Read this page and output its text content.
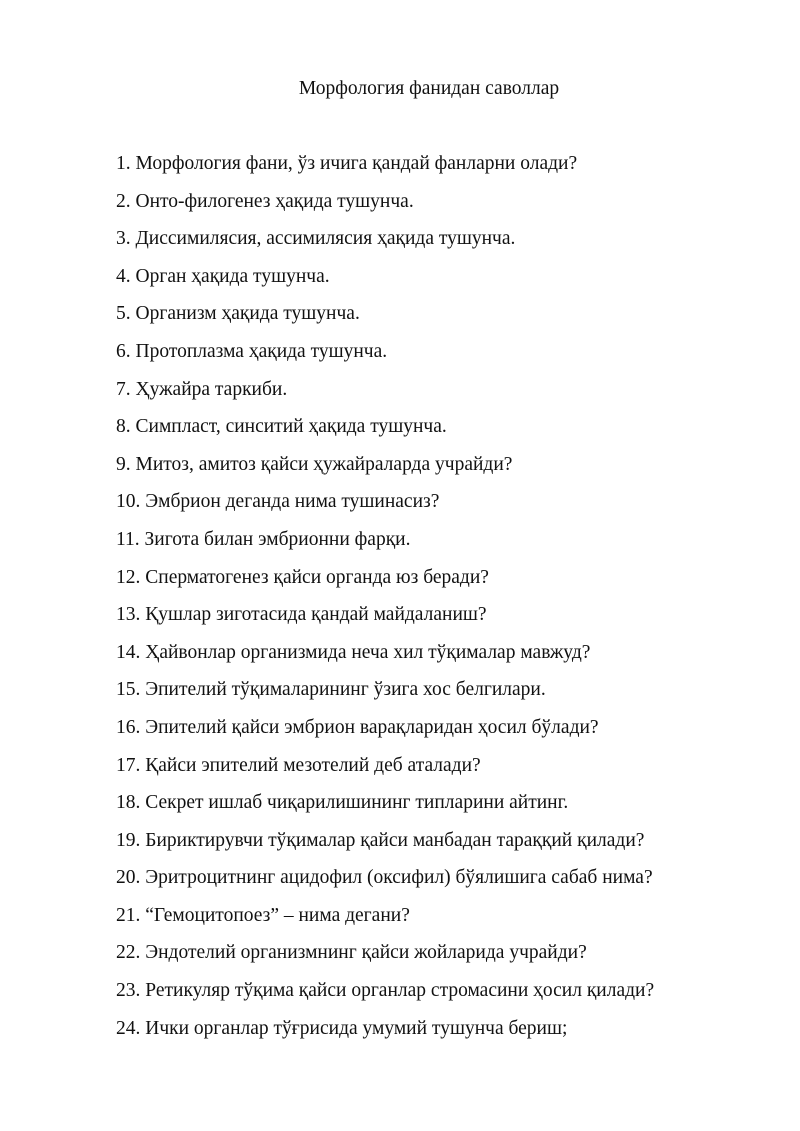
Морфология фанидан саволлар
1. Морфология фани, ўз ичига қандай фанларни олади?
2. Онто-филогенез ҳақида тушунча.
3. Диссимилясия, ассимилясия ҳақида тушунча.
4. Орган ҳақида тушунча.
5. Организм ҳақида тушунча.
6. Протоплазма ҳақида тушунча.
7. Ҳужайра таркиби.
8. Симпласт, синситий ҳақида тушунча.
9. Митоз, амитоз қайси ҳужайраларда учрайди?
10. Эмбрион деганда нима тушинасиз?
11. Зигота билан эмбрионни фарқи.
12. Сперматогенез қайси органда юз беради?
13. Қушлар зиготасида қандай майдаланиш?
14. Ҳайвонлар организмида неча хил тўқималар мавжуд?
15. Эпителий тўқималарининг ўзига хос белгилари.
16. Эпителий қайси эмбрион варақларидан ҳосил бўлади?
17. Қайси эпителий мезотелий деб аталади?
18. Секрет ишлаб чиқарилишининг типларини айтинг.
19. Бириктирувчи тўқималар қайси манбадан тараққий қилади?
20. Эритроцитнинг ацидофил (оксифил) бўялишига сабаб нима?
21. “Гемоцитопоез” – нима дегани?
22. Эндотелий организмнинг қайси жойларида учрайди?
23. Ретикуляр тўқима қайси органлар стромасини ҳосил қилади?
24. Ички органлар тўғрисида умумий тушунча бериш;
